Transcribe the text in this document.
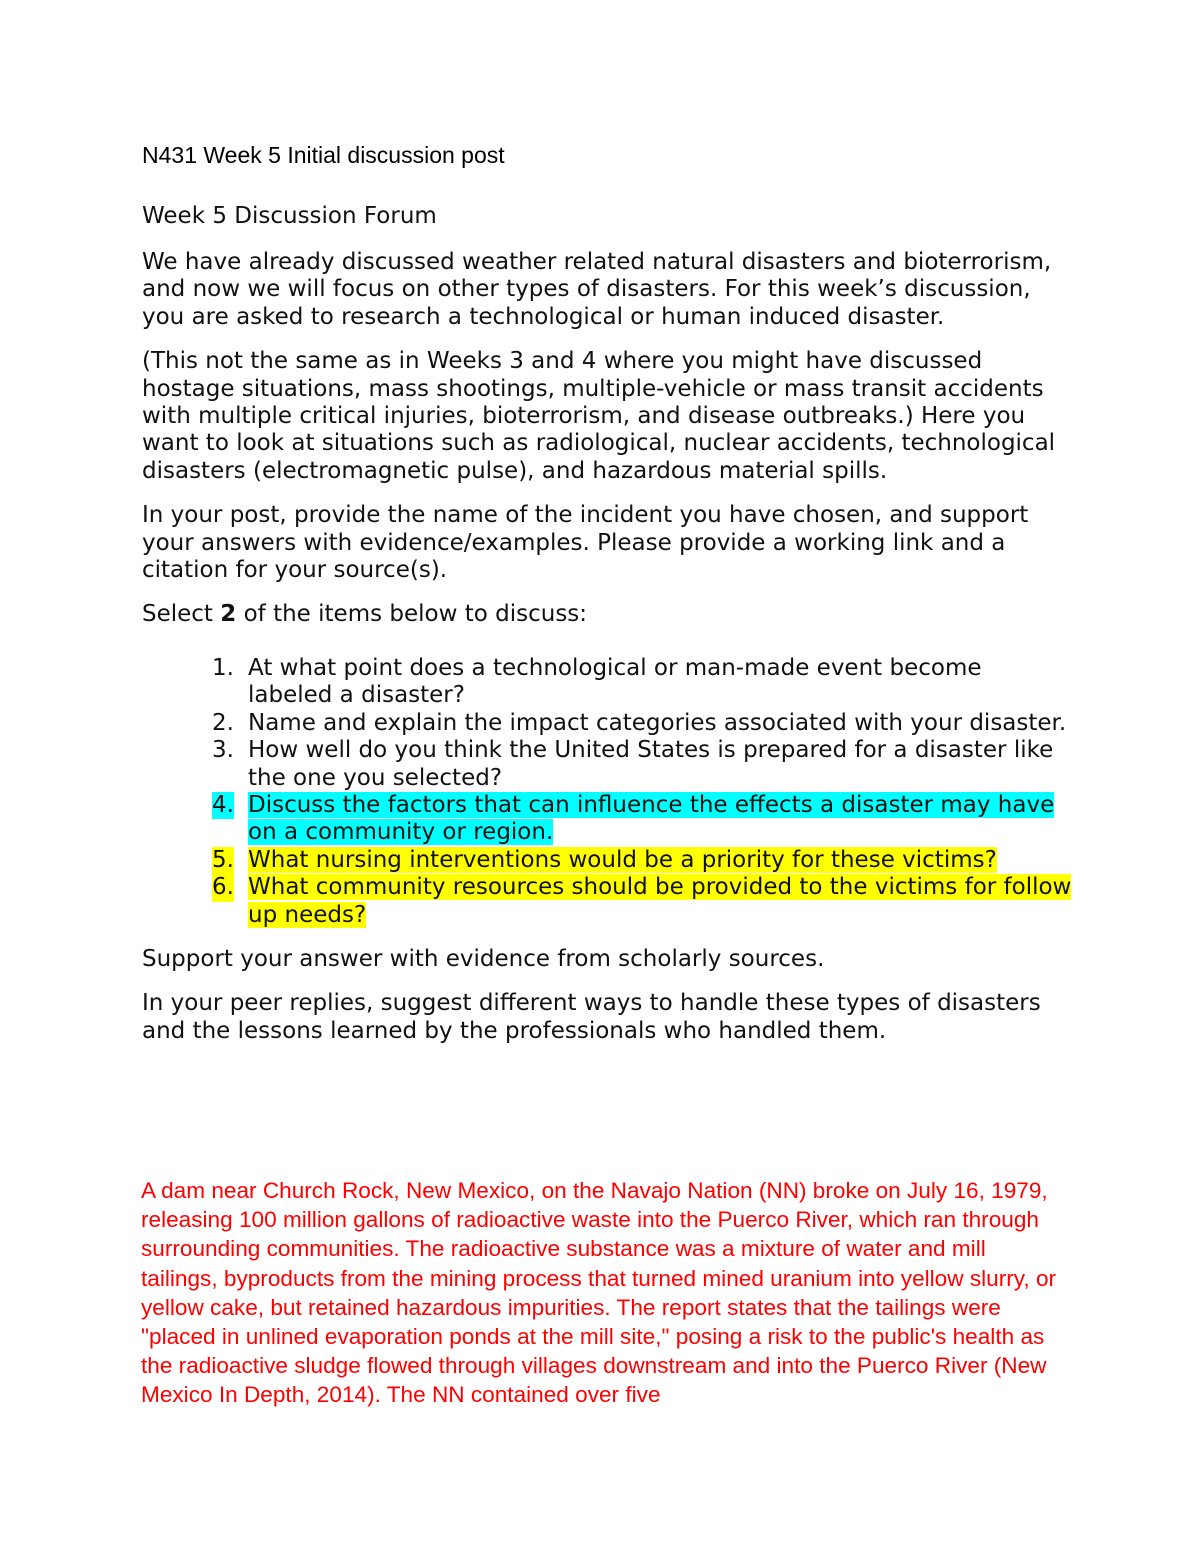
N431 Week 5 Initial discussion post
Week 5 Discussion Forum

We have already discussed weather related natural disasters and bioterrorism, and now we will focus on other types of disasters. For this week’s discussion, you are asked to research a technological or human induced disaster.

(This not the same as in Weeks 3 and 4 where you might have discussed hostage situations, mass shootings, multiple-vehicle or mass transit accidents with multiple critical injuries, bioterrorism, and disease outbreaks.) Here you want to look at situations such as radiological, nuclear accidents, technological disasters (electromagnetic pulse), and hazardous material spills.

In your post, provide the name of the incident you have chosen, and support your answers with evidence/examples. Please provide a working link and a citation for your source(s).

Select 2 of the items below to discuss:

1. At what point does a technological or man-made event become labeled a disaster?
2. Name and explain the impact categories associated with your disaster.
3. How well do you think the United States is prepared for a disaster like the one you selected?
4. Discuss the factors that can influence the effects a disaster may have on a community or region.
5. What nursing interventions would be a priority for these victims?
6. What community resources should be provided to the victims for follow up needs?

Support your answer with evidence from scholarly sources.

In your peer replies, suggest different ways to handle these types of disasters and the lessons learned by the professionals who handled them.

A dam near Church Rock, New Mexico, on the Navajo Nation (NN) broke on July 16, 1979, releasing 100 million gallons of radioactive waste into the Puerco River, which ran through surrounding communities. The radioactive substance was a mixture of water and mill tailings, byproducts from the mining process that turned mined uranium into yellow slurry, or yellow cake, but retained hazardous impurities. The report states that the tailings were "placed in unlined evaporation ponds at the mill site," posing a risk to the public's health as the radioactive sludge flowed through villages downstream and into the Puerco River (New Mexico In Depth, 2014). The NN contained over five
